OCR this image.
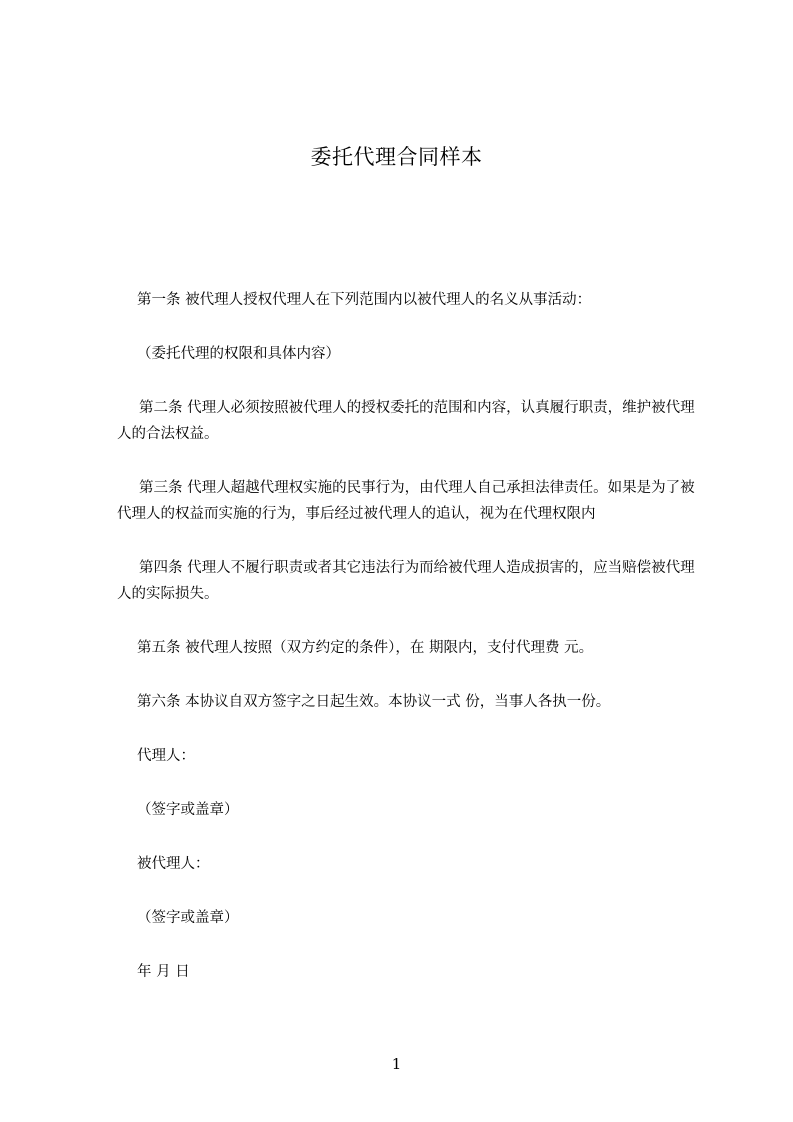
委托代理合同样本

第一条 被代理人授权代理人在下列范围内以被代理人的名义从事活动：

（委托代理的权限和具体内容）

第二条 代理人必须按照被代理人的授权委托的范围和内容，认真履行职责，维护被代理人的合法权益。

第三条 代理人超越代理权实施的民事行为，由代理人自己承担法律责任。如果是为了被代理人的权益而实施的行为，事后经过被代理人的追认，视为在代理权限内

第四条 代理人不履行职责或者其它违法行为而给被代理人造成损害的，应当赔偿被代理人的实际损失。

第五条 被代理人按照（双方约定的条件），在 期限内，支付代理费 元。

第六条 本协议自双方签字之日起生效。本协议一式 份，当事人各执一份。

代理人：

（签字或盖章）

被代理人：

（签字或盖章）

年 月 日

1
